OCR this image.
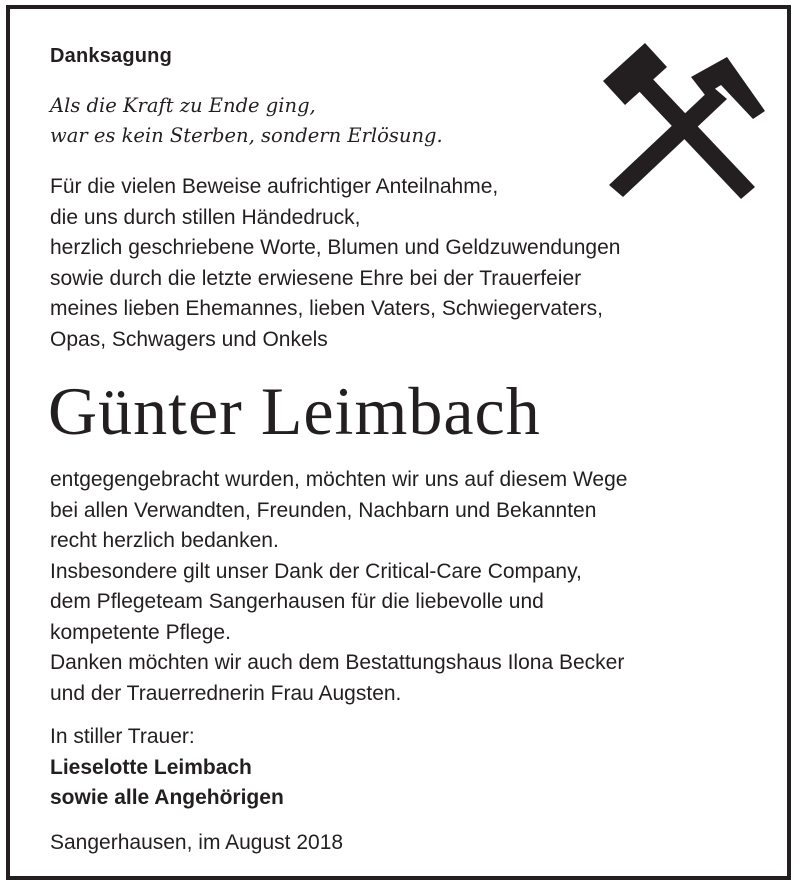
Danksagung
Als die Kraft zu Ende ging,
war es kein Sterben, sondern Erlösung.
Für die vielen Beweise aufrichtiger Anteilnahme,
die uns durch stillen Händedruck,
herzlich geschriebene Worte, Blumen und Geldzuwendungen
sowie durch die letzte erwiesene Ehre bei der Trauerfeier
meines lieben Ehemannes, lieben Vaters, Schwiegervaters,
Opas, Schwagers und Onkels
Günter Leimbach
entgegengebracht wurden, möchten wir uns auf diesem Wege
bei allen Verwandten, Freunden, Nachbarn und Bekannten
recht herzlich bedanken.
Insbesondere gilt unser Dank der Critical-Care Company,
dem Pflegeteam Sangerhausen für die liebevolle und
kompetente Pflege.
Danken möchten wir auch dem Bestattungshaus Ilona Becker
und der Trauerrednerin Frau Augsten.
In stiller Trauer:
Lieselotte Leimbach
sowie alle Angehörigen
Sangerhausen, im August 2018
